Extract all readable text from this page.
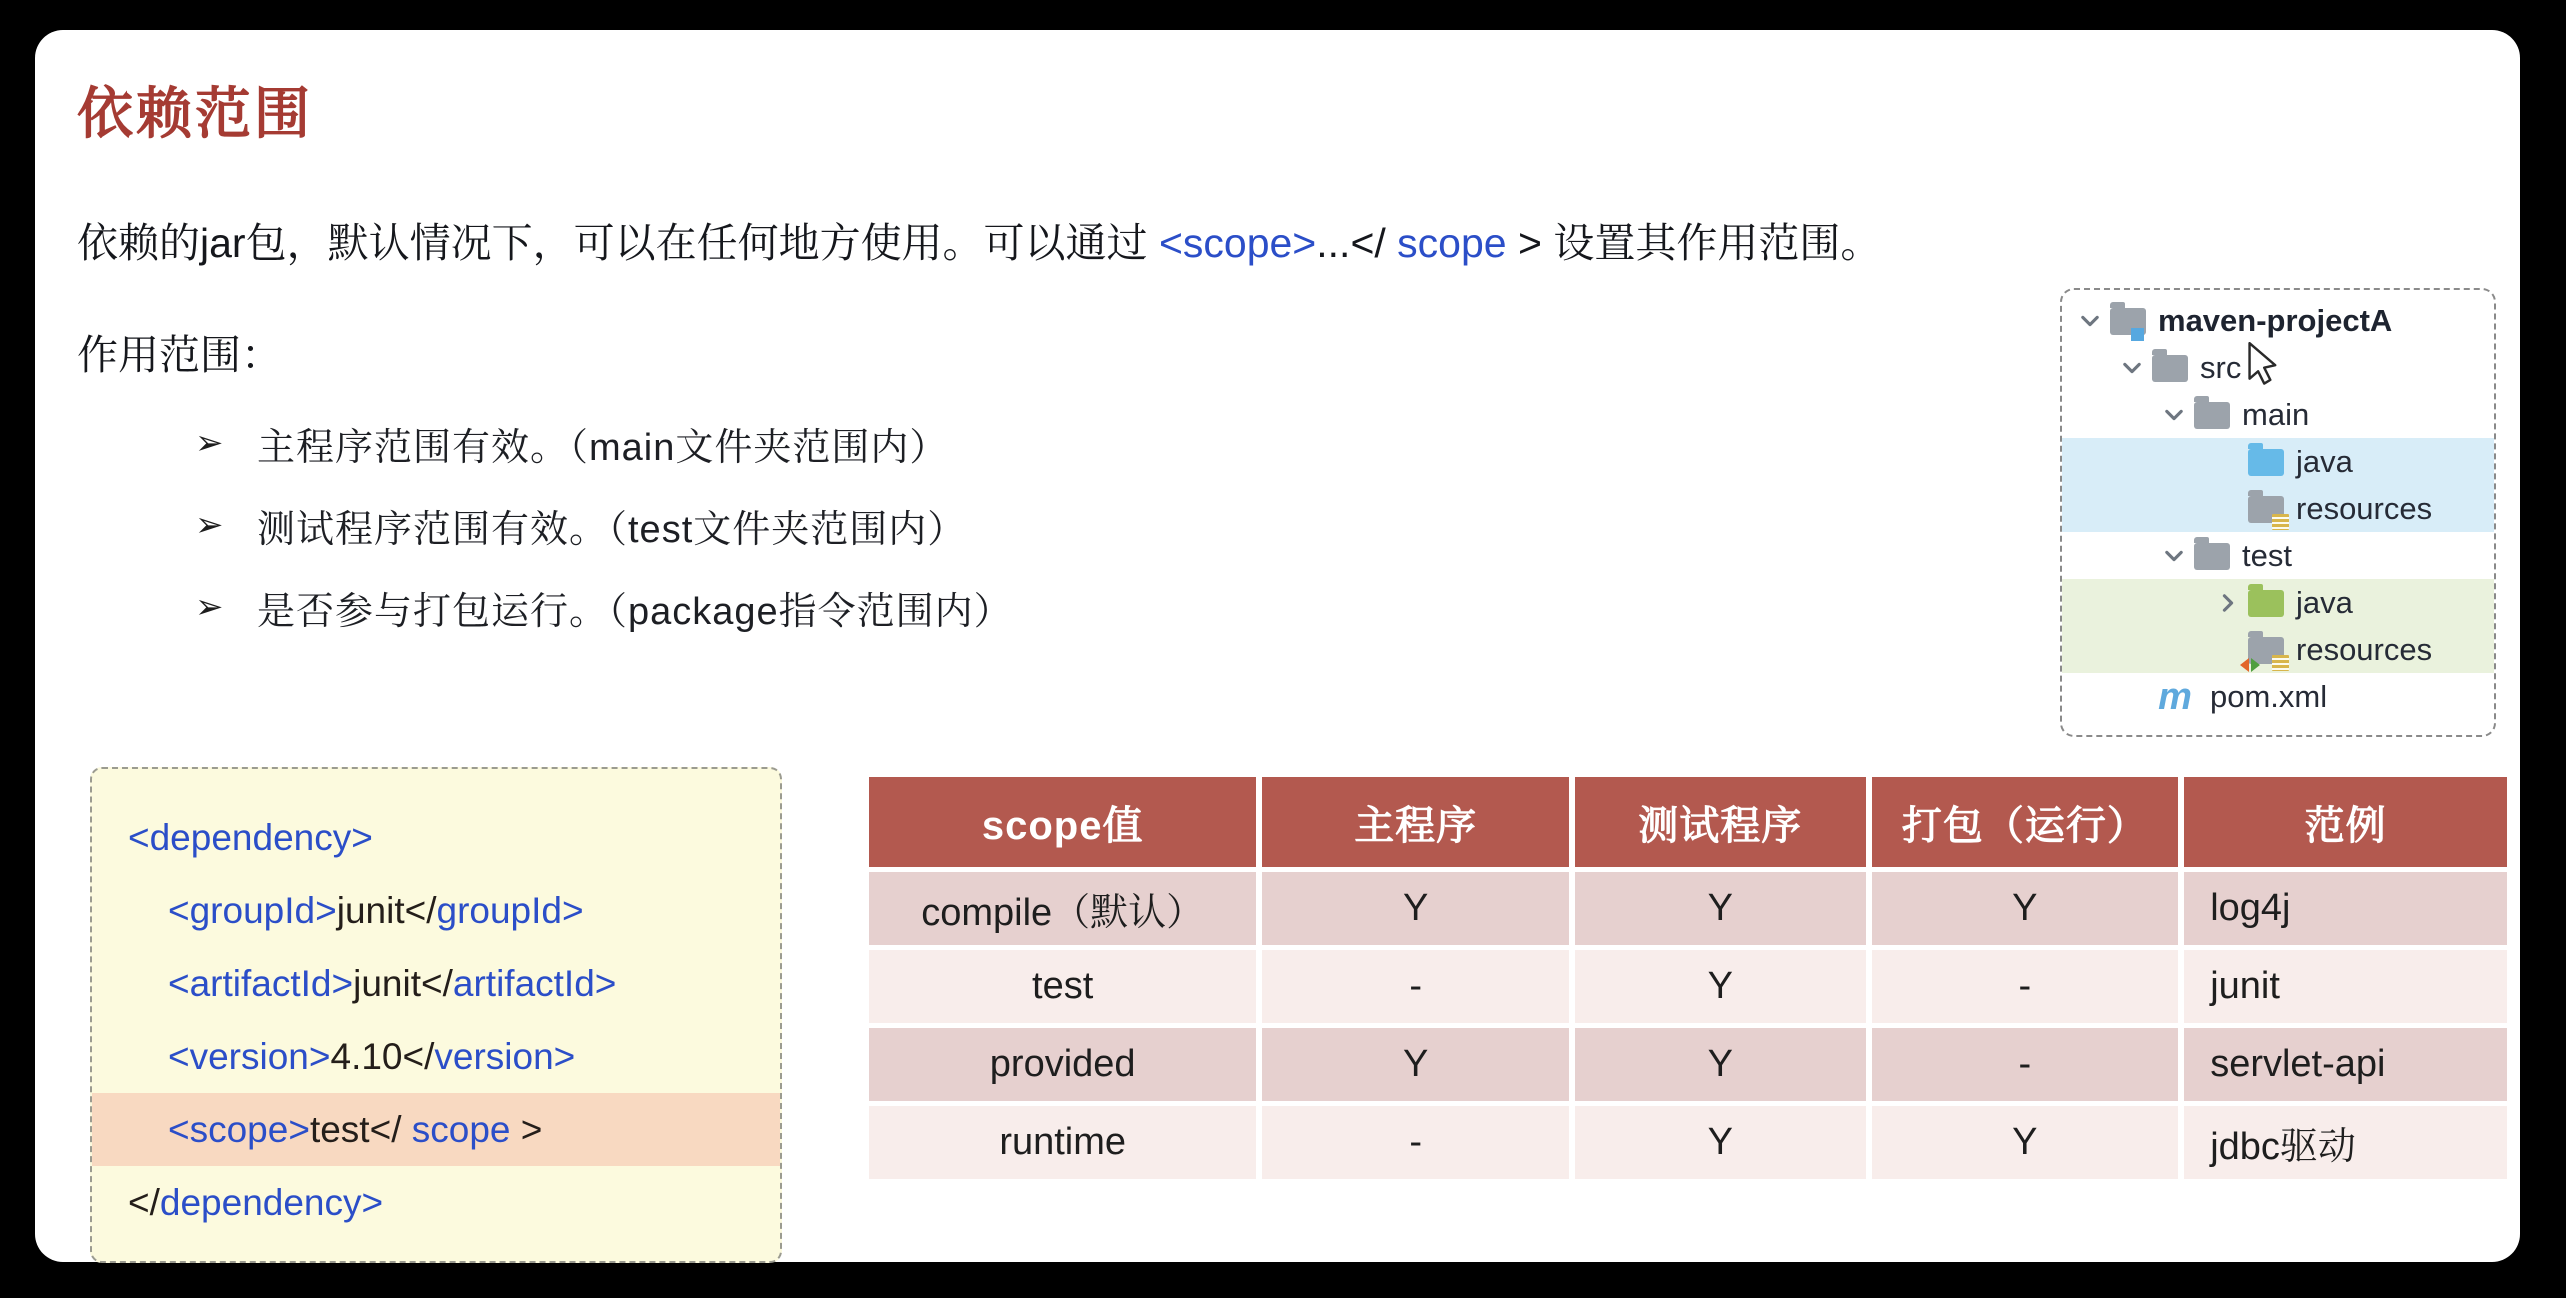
依赖范围
依赖的jar包，默认情况下，可以在任何地方使用。可以通过 <scope>...</ scope > 设置其作用范围。
作用范围：
➢ 主程序范围有效。（main文件夹范围内）
➢ 测试程序范围有效。（test文件夹范围内）
➢ 是否参与打包运行。（package指令范围内）
maven-projectA
src
main
java
resources
test
java
resources
m pom.xml
<dependency>
<groupId> junit </ groupId>
<artifactId> junit </ artifactId>
<version> 4.10 </ version>
<scope> test </ scope >
</ dependency>
scope值	主程序	测试程序	打包（运行）	范例
compile（默认）	Y	Y	Y	log4j
test	-	Y	-	junit
provided	Y	Y	-	servlet-api
runtime	-	Y	Y	jdbc驱动
